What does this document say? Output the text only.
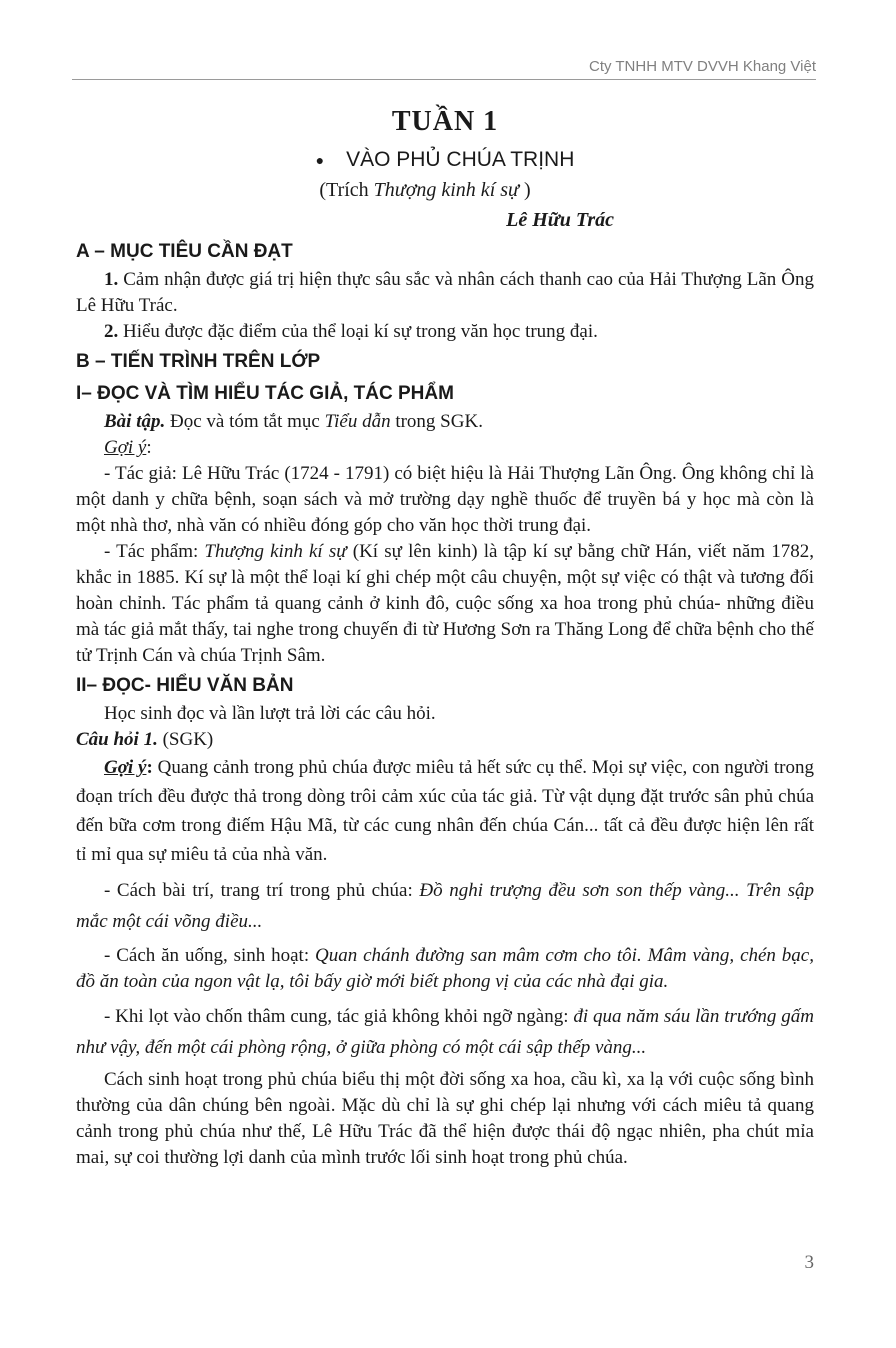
Cty TNHH MTV DVVH Khang Việt
TUẦN 1
● VÀO PHỦ CHÚA TRỊNH
(Trích Thượng kinh kí sự )
Lê Hữu Trác
A – MỤC TIÊU CẦN ĐẠT

1. Cảm nhận được giá trị hiện thực sâu sắc và nhân cách thanh cao của Hải Thượng Lãn Ông Lê Hữu Trác.

2. Hiểu được đặc điểm của thể loại kí sự trong văn học trung đại.

B – TIẾN TRÌNH TRÊN LỚP
I– ĐỌC VÀ TÌM HIỂU TÁC GIẢ, TÁC PHẨM

Bài tập. Đọc và tóm tắt mục Tiểu dẫn trong SGK.

Gợi ý:

- Tác giả: Lê Hữu Trác (1724 - 1791) có biệt hiệu là Hải Thượng Lãn Ông. Ông không chỉ là một danh y chữa bệnh, soạn sách và mở trường dạy nghề thuốc để truyền bá y học mà còn là một nhà thơ, nhà văn có nhiều đóng góp cho văn học thời trung đại.

- Tác phẩm: Thượng kinh kí sự (Kí sự lên kinh) là tập kí sự bằng chữ Hán, viết năm 1782, khắc in 1885. Kí sự là một thể loại kí ghi chép một câu chuyện, một sự việc có thật và tương đối hoàn chỉnh. Tác phẩm tả quang cảnh ở kinh đô, cuộc sống xa hoa trong phủ chúa- những điều mà tác giả mắt thấy, tai nghe trong chuyến đi từ Hương Sơn ra Thăng Long để chữa bệnh cho thế tử Trịnh Cán và chúa Trịnh Sâm.

II– ĐỌC- HIỂU VĂN BẢN

Học sinh đọc và lần lượt trả lời các câu hỏi.

Câu hỏi 1. (SGK)

Gợi ý: Quang cảnh trong phủ chúa được miêu tả hết sức cụ thể. Mọi sự việc, con người trong đoạn trích đều được thả trong dòng trôi cảm xúc của tác giả. Từ vật dụng đặt trước sân phủ chúa đến bữa cơm trong điếm Hậu Mã, từ các cung nhân đến chúa Cán... tất cả đều được hiện lên rất tỉ mỉ qua sự miêu tả của nhà văn.

- Cách bài trí, trang trí trong phủ chúa: Đồ nghi trượng đều sơn son thếp vàng... Trên sập mắc một cái võng điều...

- Cách ăn uống, sinh hoạt: Quan chánh đường san mâm cơm cho tôi. Mâm vàng, chén bạc, đồ ăn toàn của ngon vật lạ, tôi bấy giờ mới biết phong vị của các nhà đại gia.

- Khi lọt vào chốn thâm cung, tác giả không khỏi ngỡ ngàng: đi qua năm sáu lần trướng gấm như vậy, đến một cái phòng rộng, ở giữa phòng có một cái sập thếp vàng...

Cách sinh hoạt trong phủ chúa biểu thị một đời sống xa hoa, cầu kì, xa lạ với cuộc sống bình thường của dân chúng bên ngoài. Mặc dù chỉ là sự ghi chép lại nhưng với cách miêu tả quang cảnh trong phủ chúa như thế, Lê Hữu Trác đã thể hiện được thái độ ngạc nhiên, pha chút mỉa mai, sự coi thường lợi danh của mình trước lối sinh hoạt trong phủ chúa.

3
